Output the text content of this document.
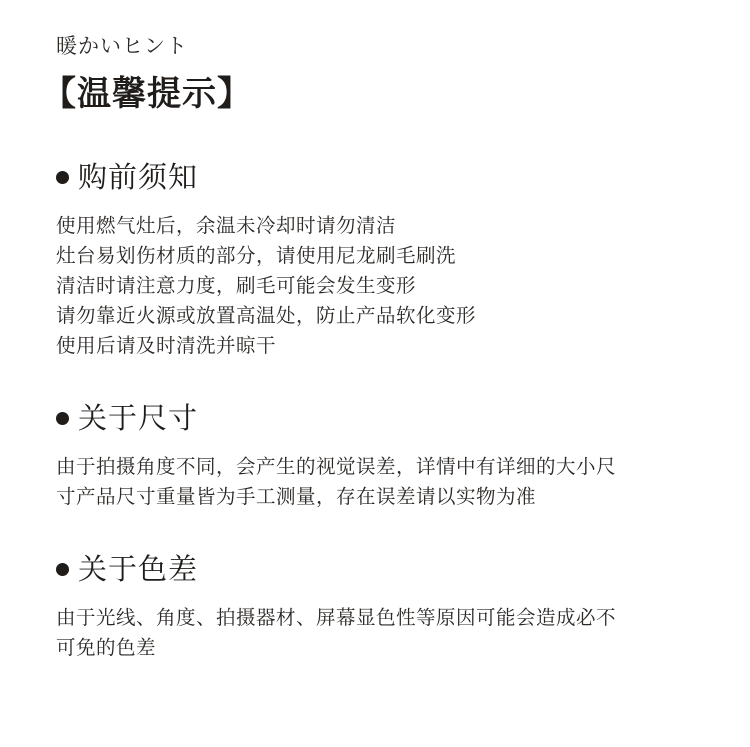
暖かいヒント
【温馨提示】
购前须知
使用燃气灶后，余温未冷却时请勿清洁
灶台易划伤材质的部分，请使用尼龙刷毛刷洗
清洁时请注意力度，刷毛可能会发生变形
请勿靠近火源或放置高温处，防止产品软化变形
使用后请及时清洗并晾干
关于尺寸
由于拍摄角度不同，会产生的视觉误差，详情中有详细的大小尺
寸产品尺寸重量皆为手工测量，存在误差请以实物为准
关于色差
由于光线、角度、拍摄器材、屏幕显色性等原因可能会造成必不
可免的色差
